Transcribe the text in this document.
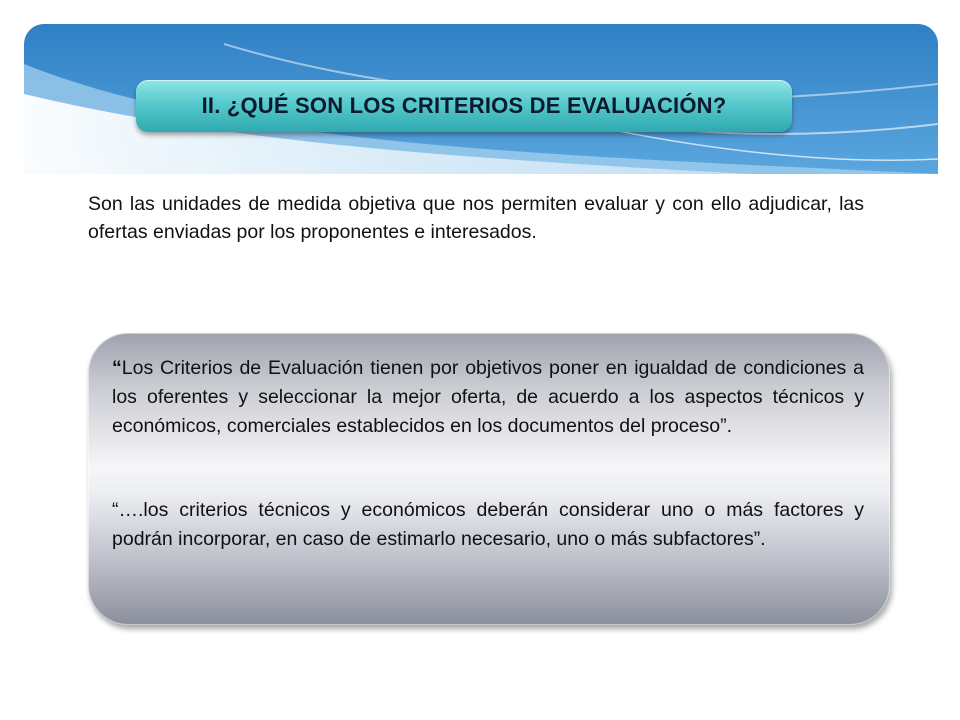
II. ¿QUÉ SON LOS CRITERIOS DE EVALUACIÓN?

Son las unidades de medida objetiva que nos permiten evaluar y con ello adjudicar, las ofertas enviadas por los proponentes e interesados.

“Los Criterios de Evaluación tienen por objetivos poner en igualdad de condiciones a los oferentes y seleccionar la mejor oferta, de acuerdo a los aspectos técnicos y económicos, comerciales establecidos en los documentos del proceso”.

“….los criterios técnicos y económicos deberán considerar uno o más factores y podrán incorporar, en caso de estimarlo necesario, uno o más subfactores”.
